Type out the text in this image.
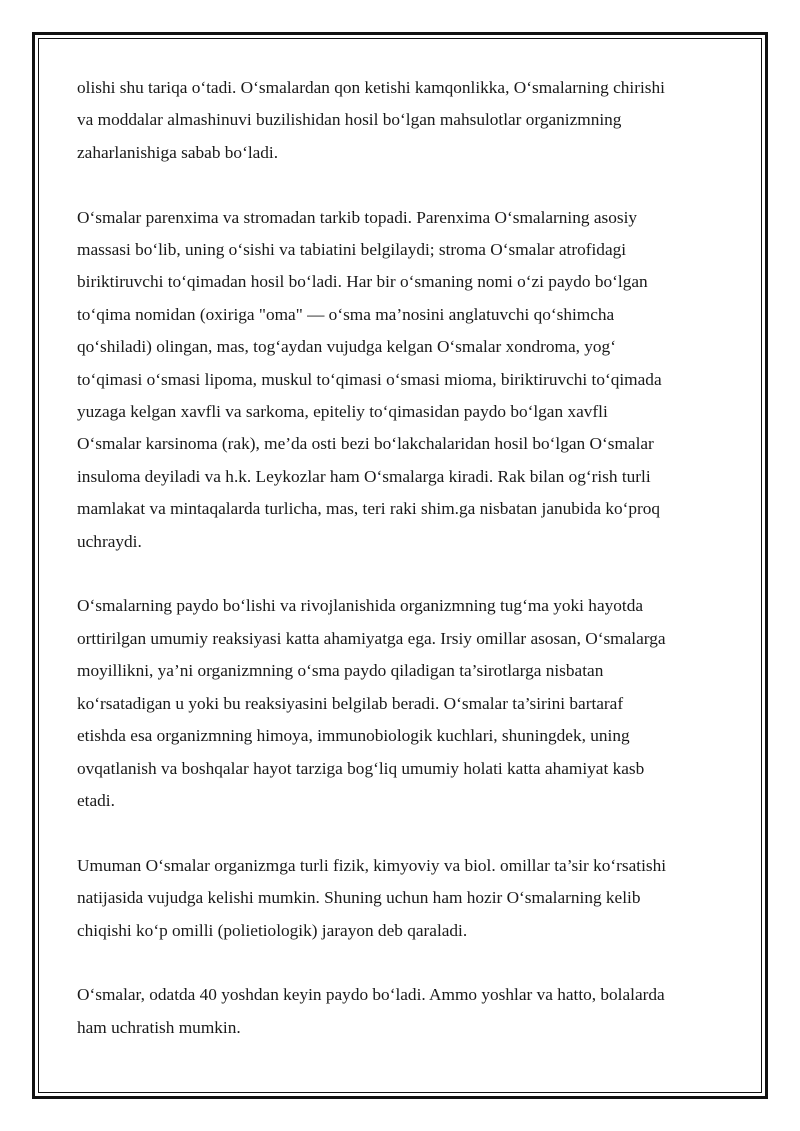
olishi shu tariqa o‘tadi. O‘smalardan qon ketishi kamqonlikka, O‘smalarning chirishi
va moddalar almashinuvi buzilishidan hosil bo‘lgan mahsulotlar organizmning
zaharlanishiga sabab bo‘ladi.

O‘smalar parenxima va stromadan tarkib topadi. Parenxima O‘smalarning asosiy
massasi bo‘lib, uning o‘sishi va tabiatini belgilaydi; stroma O‘smalar atrofidagi
biriktiruvchi to‘qimadan hosil bo‘ladi. Har bir o‘smaning nomi o‘zi paydo bo‘lgan
to‘qima nomidan (oxiriga "oma" — o‘sma ma’nosini anglatuvchi qo‘shimcha
qo‘shiladi) olingan, mas, tog‘aydan vujudga kelgan O‘smalar xondroma, yog‘
to‘qimasi o‘smasi lipoma, muskul to‘qimasi o‘smasi mioma, biriktiruvchi to‘qimada
yuzaga kelgan xavfli va sarkoma, epiteliy to‘qimasidan paydo bo‘lgan xavfli
O‘smalar karsinoma (rak), me’da osti bezi bo‘lakchalaridan hosil bo‘lgan O‘smalar
insuloma deyiladi va h.k. Leykozlar ham O‘smalarga kiradi. Rak bilan og‘rish turli
mamlakat va mintaqalarda turlicha, mas, teri raki shim.ga nisbatan janubida ko‘proq
uchraydi.

O‘smalarning paydo bo‘lishi va rivojlanishida organizmning tug‘ma yoki hayotda
orttirilgan umumiy reaksiyasi katta ahamiyatga ega. Irsiy omillar asosan, O‘smalarga
moyillikni, ya’ni organizmning o‘sma paydo qiladigan ta’sirotlarga nisbatan
ko‘rsatadigan u yoki bu reaksiyasini belgilab beradi. O‘smalar ta’sirini bartaraf
etishda esa organizmning himoya, immunobiologik kuchlari, shuningdek, uning
ovqatlanish va boshqalar hayot tarziga bog‘liq umumiy holati katta ahamiyat kasb
etadi.

Umuman O‘smalar organizmga turli fizik, kimyoviy va biol. omillar ta’sir ko‘rsatishi
natijasida vujudga kelishi mumkin. Shuning uchun ham hozir O‘smalarning kelib
chiqishi ko‘p omilli (polietiologik) jarayon deb qaraladi.

O‘smalar, odatda 40 yoshdan keyin paydo bo‘ladi. Ammo yoshlar va hatto, bolalarda
ham uchratish mumkin.
